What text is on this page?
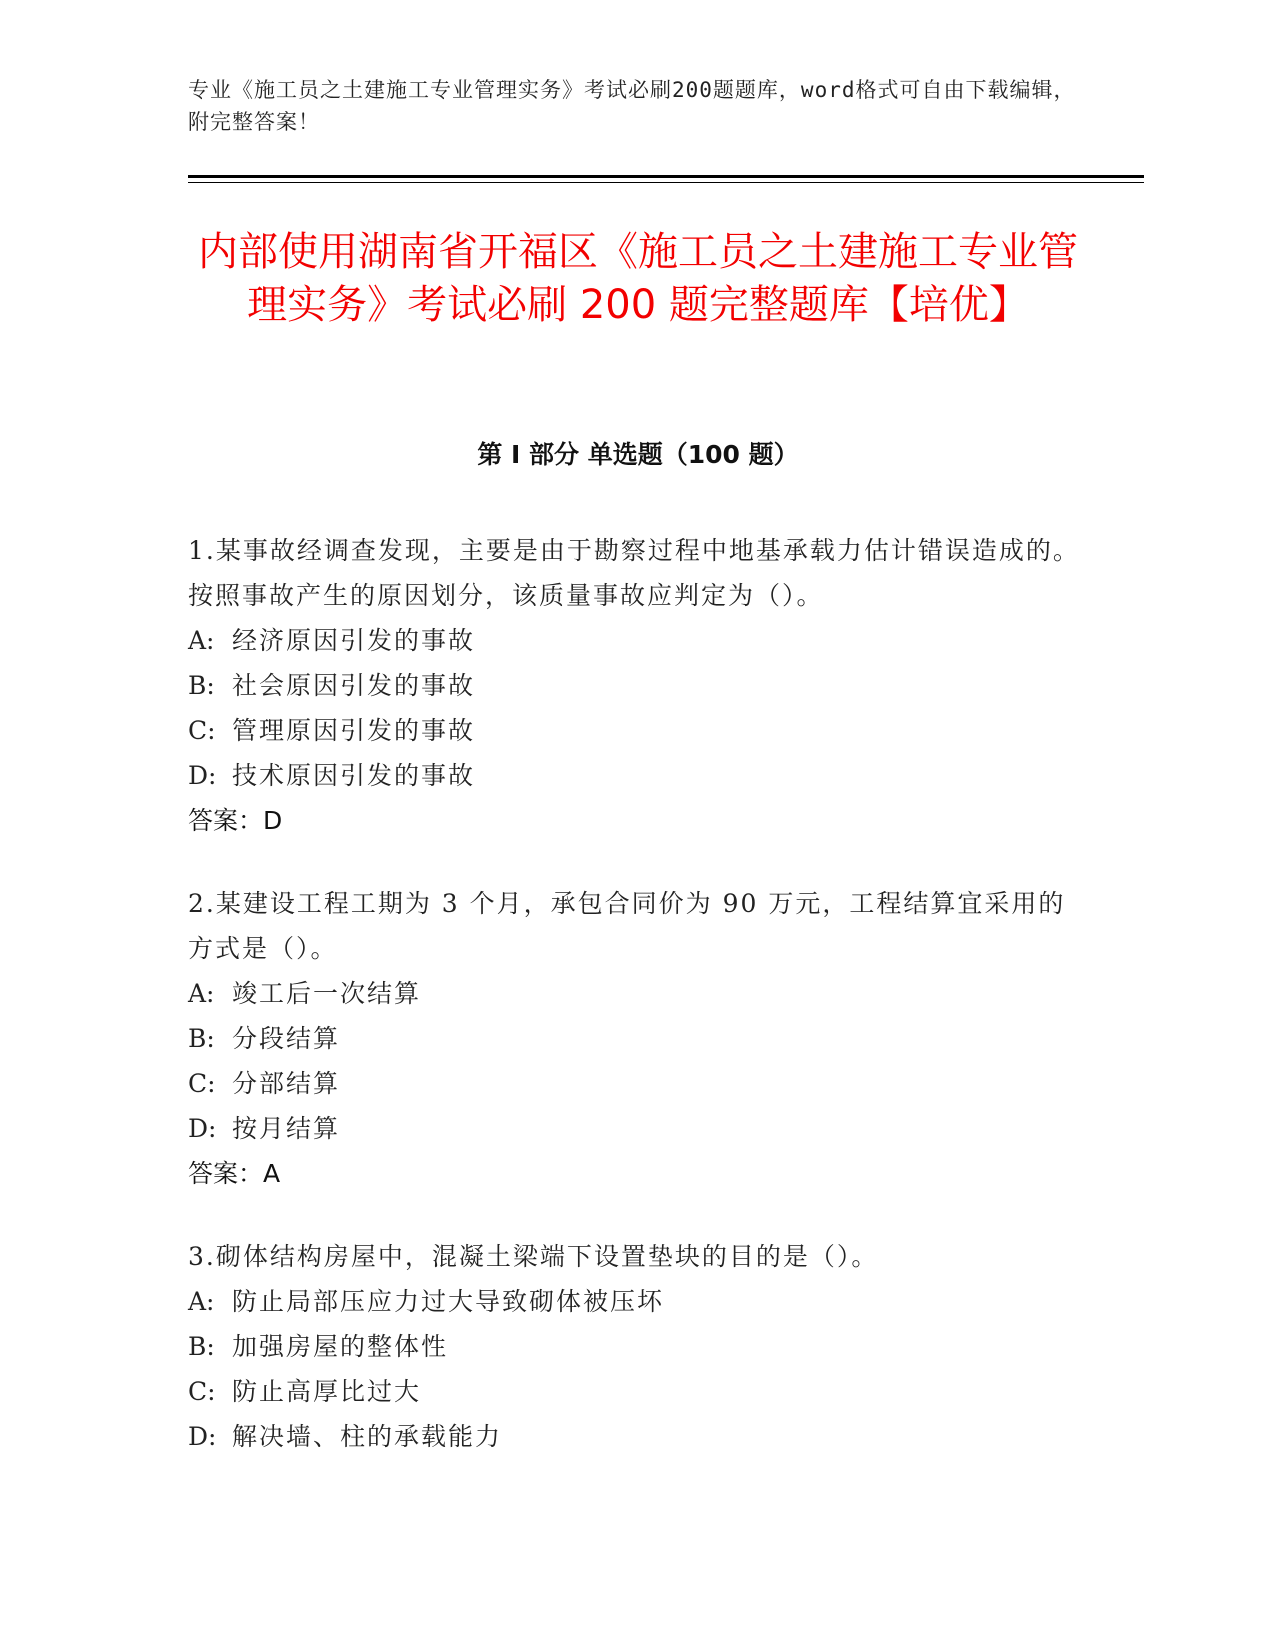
专业《施工员之土建施工专业管理实务》考试必刷200题题库，word格式可自由下载编辑，附完整答案！
内部使用湖南省开福区《施工员之土建施工专业管理实务》考试必刷 200 题完整题库【培优】
第 I 部分 单选题（100 题）

1.某事故经调查发现，主要是由于勘察过程中地基承载力估计错误造成的。按照事故产生的原因划分，该质量事故应判定为（）。

A: 经济原因引发的事故
B: 社会原因引发的事故
C: 管理原因引发的事故
D: 技术原因引发的事故
答案：D

2.某建设工程工期为 3 个月，承包合同价为 90 万元，工程结算宜采用的方式是（）。

A: 竣工后一次结算
B: 分段结算
C: 分部结算
D: 按月结算
答案：A

3.砌体结构房屋中，混凝土梁端下设置垫块的目的是（）。

A: 防止局部压应力过大导致砌体被压坏
B: 加强房屋的整体性
C: 防止高厚比过大
D: 解决墙、柱的承载能力
